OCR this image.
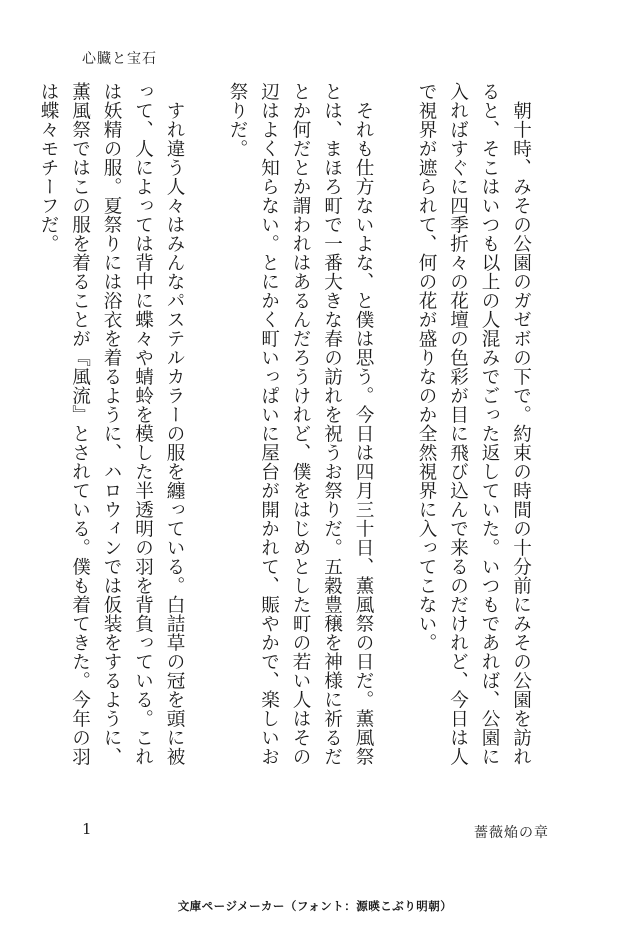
心臓と宝石

朝十時、みその公園のガゼボの下で。約束の時間の十分前にみその公園を訪れると、そこはいつも以上の人混みでごった返していた。いつもであれば、公園に入ればすぐに四季折々の花壇の色彩が目に飛び込んで来るのだけれど、今日は人で視界が遮られて、何の花が盛りなのか全然視界に入ってこない。

それも仕方ないよな、と僕は思う。今日は四月三十日、薫風祭の日だ。薫風祭とは、まほろ町で一番大きな春の訪れを祝うお祭りだ。五穀豊穣を神様に祈るだとか何だとか謂われはあるんだろうけれど、僕をはじめとした町の若い人はその辺はよく知らない。とにかく町いっぱいに屋台が開かれて、賑やかで、楽しいお祭りだ。

すれ違う人々はみんなパステルカラーの服を纏っている。白詰草の冠を頭に被って、人によっては背中に蝶々や蜻蛉を模した半透明の羽を背負っている。これは妖精の服。夏祭りには浴衣を着るように、ハロウィンでは仮装をするように、薫風祭ではこの服を着ることが『風流』とされている。僕も着てきた。今年の羽は蝶々モチーフだ。

1	薔薇焔の章
文庫ページメーカー（フォント：源暎こぶり明朝）
